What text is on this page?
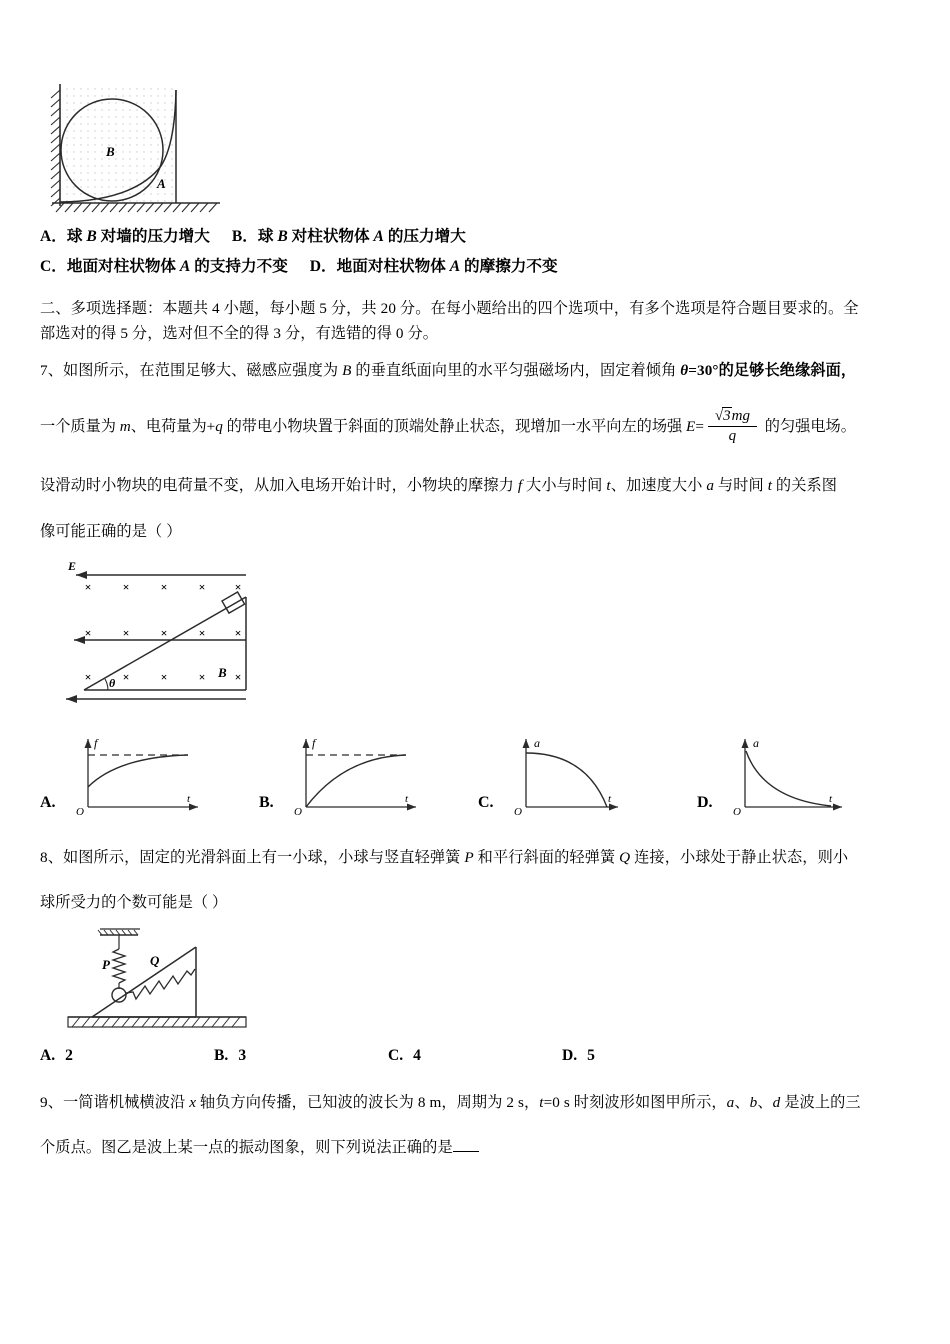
B
A
A．球 B 对墙的压力增大 B．球 B 对柱状物体 A 的压力增大
C．地面对柱状物体 A 的支持力不变 D．地面对柱状物体 A 的摩擦力不变
二、多项选择题：本题共 4 小题，每小题 5 分，共 20 分。在每小题给出的四个选项中，有多个选项是符合题目要求的。全
部选对的得 5 分，选对但不全的得 3 分，有选错的得 0 分。
7、如图所示，在范围足够大、磁感应强度为 B 的垂直纸面向里的水平匀强磁场内，固定着倾角 θ=30°的足够长绝缘斜面，
一个质量为 m、电荷量为+q 的带电小物块置于斜面的顶端处静止状态，现增加一水平向左的场强 $E= \frac{√3mg}{q}$ 的匀强电场。
设滑动时小物块的电荷量不变，从加入电场开始计时，小物块的摩擦力 f 大小与时间 t、加速度大小 a 与时间 t 的关系图
像可能正确的是（ ）
E
×	×	×	× ×
×	×	×	× ×
×	×	×	× ×
θ
B
A.
f
t
O
B.
f
t
O
C.
a
t
O
D.
a
t
O
8、如图所示，固定的光滑斜面上有一小球，小球与竖直轻弹簧 P 和平行斜面的轻弹簧 Q 连接，小球处于静止状态，则小
球所受力的个数可能是（ ）
P	Q
A. 2	B. 3	C. 4	D. 5
9、一简谐机械横波沿 x 轴负方向传播，已知波的波长为 8 m，周期为 2 s，t=0 s 时刻波形如图甲所示，a、b、d 是波上的三
个质点。图乙是波上某一点的振动图象，则下列说法正确的是
